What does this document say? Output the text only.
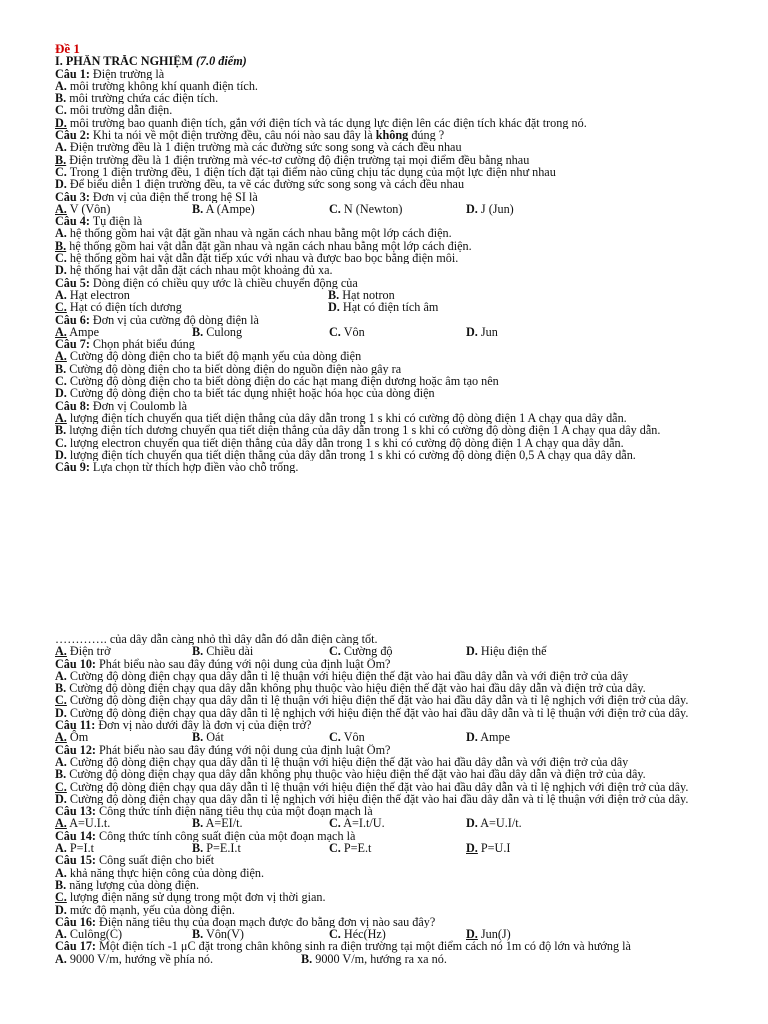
Đề 1
I. PHẦN TRẮC NGHIỆM (7.0 điểm)
Câu 1: Điện trường là
A. môi trường không khí quanh điện tích.
B. môi trường chứa các điện tích.
C. môi trường dẫn điện.
D. môi trường bao quanh điện tích, gắn với điện tích và tác dụng lực điện lên các điện tích khác đặt trong nó.
Câu 2: Khi ta nói về một điện trường đều, câu nói nào sau đây là không đúng ?
A. Điện trường đều là 1 điện trường mà các đường sức song song và cách đều nhau
B. Điện trường đều là 1 điện trường mà véc-tơ cường độ điện trường tại mọi điểm đều bằng nhau
C. Trong 1 điện trường đều, 1 điện tích đặt tại điểm nào cũng chịu tác dụng của một lực điện như nhau
D. Để biểu diễn 1 điện trường đều, ta vẽ các đường sức song song và cách đều nhau
Câu 3: Đơn vị của điện thế trong hệ SI là
A. V (Vôn)	B. A (Ampe)	C. N (Newton)	D. J (Jun)
Câu 4: Tụ điện là
A. hệ thống gồm hai vật đặt gần nhau và ngăn cách nhau bằng một lớp cách điện.
B. hệ thống gồm hai vật dẫn đặt gần nhau và ngăn cách nhau bằng một lớp cách điện.
C. hệ thống gồm hai vật dẫn đặt tiếp xúc với nhau và được bao bọc bằng điện môi.
D. hệ thống hai vật dẫn đặt cách nhau một khoảng đủ xa.
Câu 5: Dòng điện có chiều quy ước là chiều chuyển động của
A. Hạt electron	B. Hạt notron
C. Hạt có điện tích dương	D. Hạt có điện tích âm
Câu 6: Đơn vị của cường độ dòng điện là
A. Ampe	B. Culong	C. Vôn	D. Jun
Câu 7: Chọn phát biểu đúng
A. Cường độ dòng điện cho ta biết độ mạnh yếu của dòng điện
B. Cường độ dòng điện cho ta biết dòng điện do nguồn điện nào gây ra
C. Cường độ dòng điện cho ta biết dòng điện do các hạt mang điện dương hoặc âm tạo nên
D. Cường độ dòng điện cho ta biết tác dụng nhiệt hoặc hóa học của dòng điện
Câu 8: Đơn vị Coulomb là
A. lượng điện tích chuyển qua tiết diện thẳng của dây dẫn trong 1 s khi có cường độ dòng điện 1 A chạy qua dây dẫn.
B. lượng điện tích dương chuyển qua tiết diện thẳng của dây dẫn trong 1 s khi có cường độ dòng điện 1 A chạy qua dây dẫn.
C. lượng electron chuyển qua tiết diện thẳng của dây dẫn trong 1 s khi có cường độ dòng điện 1 A chạy qua dây dẫn.
D. lượng điện tích chuyển qua tiết diện thẳng của dây dẫn trong 1 s khi có cường độ dòng điện 0,5 A chạy qua dây dẫn.
Câu 9: Lựa chọn từ thích hợp điền vào chỗ trống.
…………. của dây dẫn càng nhỏ thì dây dẫn đó dẫn điện càng tốt.
A. Điện trở	B. Chiều dài	C. Cường độ	D. Hiệu điện thế
Câu 10: Phát biểu nào sau đây đúng với nội dung của định luật Ôm?
A. Cường độ dòng điện chạy qua dây dẫn tỉ lệ thuận với hiệu điện thế đặt vào hai đầu dây dẫn và với điện trở của dây
B. Cường độ dòng điện chạy qua dây dẫn không phụ thuộc vào hiệu điện thế đặt vào hai đầu dây dẫn và điện trở của dây.
C. Cường độ dòng điện chạy qua dây dẫn tỉ lệ thuận với hiệu điện thế đặt vào hai đầu dây dẫn và tỉ lệ nghịch với điện trở của dây.
D. Cường độ dòng điện chạy qua dây dẫn tỉ lệ nghịch với hiệu điện thế đặt vào hai đầu dây dẫn và tỉ lệ thuận với điện trở của dây.
Câu 11: Đơn vị nào dưới đây là đơn vị của điện trở?
A. Ôm	B. Oát	C. Vôn	D. Ampe
Câu 12: Phát biểu nào sau đây đúng với nội dung của định luật Ôm?
A. Cường độ dòng điện chạy qua dây dẫn tỉ lệ thuận với hiệu điện thế đặt vào hai đầu dây dẫn và với điện trở của dây
B. Cường độ dòng điện chạy qua dây dẫn không phụ thuộc vào hiệu điện thế đặt vào hai đầu dây dẫn và điện trở của dây.
C. Cường độ dòng điện chạy qua dây dẫn tỉ lệ thuận với hiệu điện thế đặt vào hai đầu dây dẫn và tỉ lệ nghịch với điện trở của dây.
D. Cường độ dòng điện chạy qua dây dẫn tỉ lệ nghịch với hiệu điện thế đặt vào hai đầu dây dẫn và tỉ lệ thuận với điện trở của dây.
Câu 13: Công thức tính điện năng tiêu thụ của một đoạn mạch là
A. A=U.I.t.	B. A=EI/t.	C. A=I.t/U.	D. A=U.I/t.
Câu 14: Công thức tính công suất điện của một đoạn mạch là
A. P=I.t	B. P=E.I.t	C. P=E.t	D. P=U.I
Câu 15: Công suất điện cho biết
A. khả năng thực hiện công của dòng điện.
B. năng lượng của dòng điện.
C. lượng điện năng sử dụng trong một đơn vị thời gian.
D. mức độ mạnh, yếu của dòng điện.
Câu 16: Điện năng tiêu thụ của đoạn mạch được đo bằng đơn vị nào sau đây?
A. Culông(C)	B. Vôn(V)	C. Héc(Hz)	D. Jun(J)
Câu 17: Một điện tích -1 μC đặt trong chân không sinh ra điện trường tại một điểm cách nó 1m có độ lớn và hướng là
A. 9000 V/m, hướng về phía nó.	B. 9000 V/m, hướng ra xa nó.
